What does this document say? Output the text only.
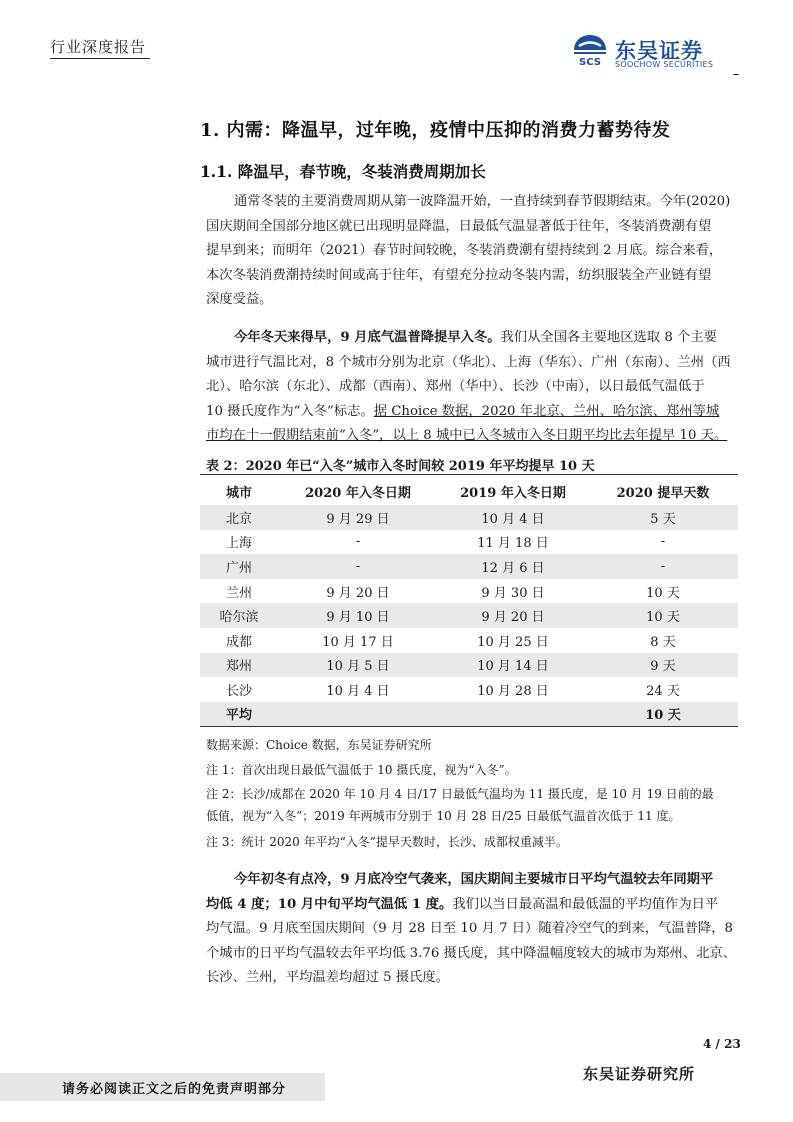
行业深度报告
SCS 东吴证券
SOOCHOW SECURITIES
1. 内需：降温早，过年晚，疫情中压抑的消费力蓄势待发
1.1. 降温早，春节晚，冬装消费周期加长
通常冬装的主要消费周期从第一波降温开始，一直持续到春节假期结束。今年(2020)
国庆期间全国部分地区就已出现明显降温，日最低气温显著低于往年，冬装消费潮有望
提早到来；而明年（2021）春节时间较晚，冬装消费潮有望持续到 2 月底。综合来看，
本次冬装消费潮持续时间或高于往年，有望充分拉动冬装内需，纺织服装全产业链有望
深度受益。
今年冬天来得早，9 月底气温普降提早入冬。我们从全国各主要地区选取 8 个主要
城市进行气温比对，8 个城市分别为北京（华北）、上海（华东）、广州（东南）、兰州（西
北）、哈尔滨（东北）、成都（西南）、郑州（华中）、长沙（中南），以日最低气温低于
10 摄氏度作为“入冬”标志。据 Choice 数据，2020 年北京、兰州、哈尔滨、郑州等城
市均在十一假期结束前“入冬”，以上 8 城中已入冬城市入冬日期平均比去年提早 10 天。
表 2：2020 年已“入冬”城市入冬时间较 2019 年平均提早 10 天
城市	2020 年入冬日期	2019 年入冬日期	2020 提早天数
北京	9 月 29 日	10 月 4 日	5 天
上海	-	11 月 18 日	-
广州	-	12 月 6 日	-
兰州	9 月 20 日	9 月 30 日	10 天
哈尔滨	9 月 10 日	9 月 20 日	10 天
成都	10 月 17 日	10 月 25 日	8 天
郑州	10 月 5 日	10 月 14 日	9 天
长沙	10 月 4 日	10 月 28 日	24 天
平均			10 天
数据来源：Choice 数据，东吴证券研究所
注 1：首次出现日最低气温低于 10 摄氏度，视为“入冬”。
注 2：长沙/成都在 2020 年 10 月 4 日/17 日最低气温均为 11 摄氏度，是 10 月 19 日前的最
低值，视为“入冬”；2019 年两城市分别于 10 月 28 日/25 日最低气温首次低于 11 度。
注 3：统计 2020 年平均“入冬”提早天数时，长沙、成都权重减半。
今年初冬有点冷，9 月底冷空气袭来，国庆期间主要城市日平均气温较去年同期平
均低 4 度；10 月中旬平均气温低 1 度。我们以当日最高温和最低温的平均值作为日平
均气温。9 月底至国庆期间（9 月 28 日至 10 月 7 日）随着冷空气的到来，气温普降，8
个城市的日平均气温较去年平均低 3.76 摄氏度，其中降温幅度较大的城市为郑州、北京、
长沙、兰州，平均温差均超过 5 摄氏度。
4 / 23
东吴证券研究所
请务必阅读正文之后的免责声明部分
